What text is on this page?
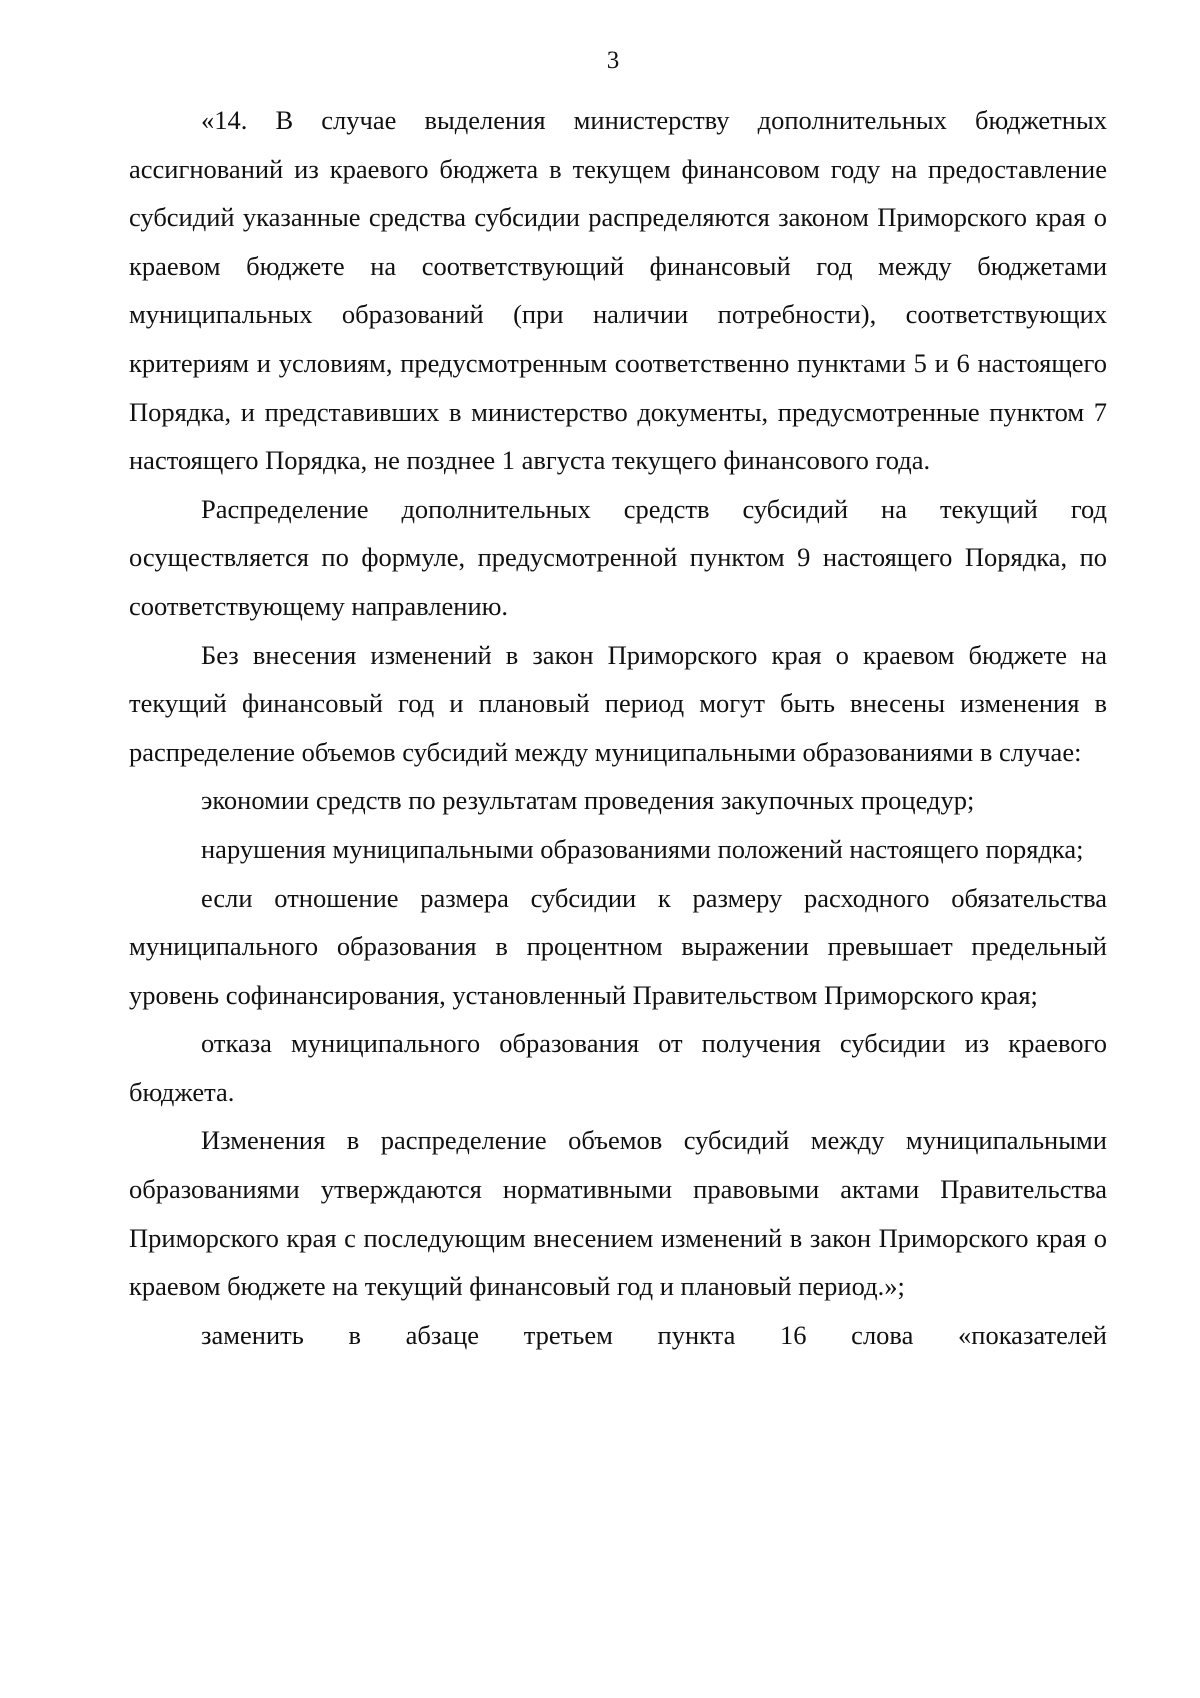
3

«14. В случае выделения министерству дополнительных бюджетных ассигнований из краевого бюджета в текущем финансовом году на предоставление субсидий указанные средства субсидии распределяются законом Приморского края о краевом бюджете на соответствующий финансовый год между бюджетами муниципальных образований (при наличии потребности), соответствующих критериям и условиям, предусмотренным соответственно пунктами 5 и 6 настоящего Порядка, и представивших в министерство документы, предусмотренные пунктом 7 настоящего Порядка, не позднее 1 августа текущего финансового года.

Распределение дополнительных средств субсидий на текущий год осуществляется по формуле, предусмотренной пунктом 9 настоящего Порядка, по соответствующему направлению.

Без внесения изменений в закон Приморского края о краевом бюджете на текущий финансовый год и плановый период могут быть внесены изменения в распределение объемов субсидий между муниципальными образованиями в случае:

экономии средств по результатам проведения закупочных процедур;

нарушения муниципальными образованиями положений настоящего порядка;

если отношение размера субсидии к размеру расходного обязательства муниципального образования в процентном выражении превышает предельный уровень софинансирования, установленный Правительством Приморского края;

отказа муниципального образования от получения субсидии из краевого бюджета.

Изменения в распределение объемов субсидий между муниципальными образованиями утверждаются нормативными правовыми актами Правительства Приморского края с последующим внесением изменений в закон Приморского края о краевом бюджете на текущий финансовый год и плановый период.»;

заменить в абзаце третьем пункта 16 слова «показателей
